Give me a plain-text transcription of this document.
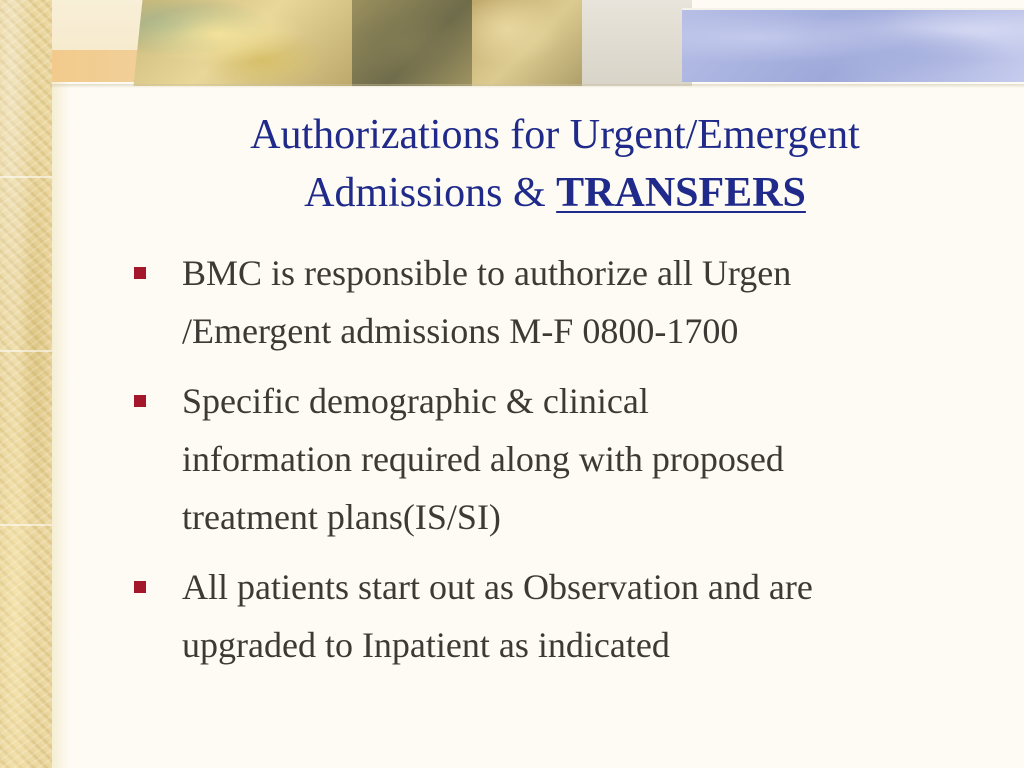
Authorizations for Urgent/Emergent
Admissions & TRANSFERS
BMC is responsible to authorize all Urgen
/Emergent admissions M-F 0800-1700
Specific demographic & clinical
information required along with proposed
treatment plans(IS/SI)
All patients start out as Observation and are
upgraded to Inpatient as indicated
